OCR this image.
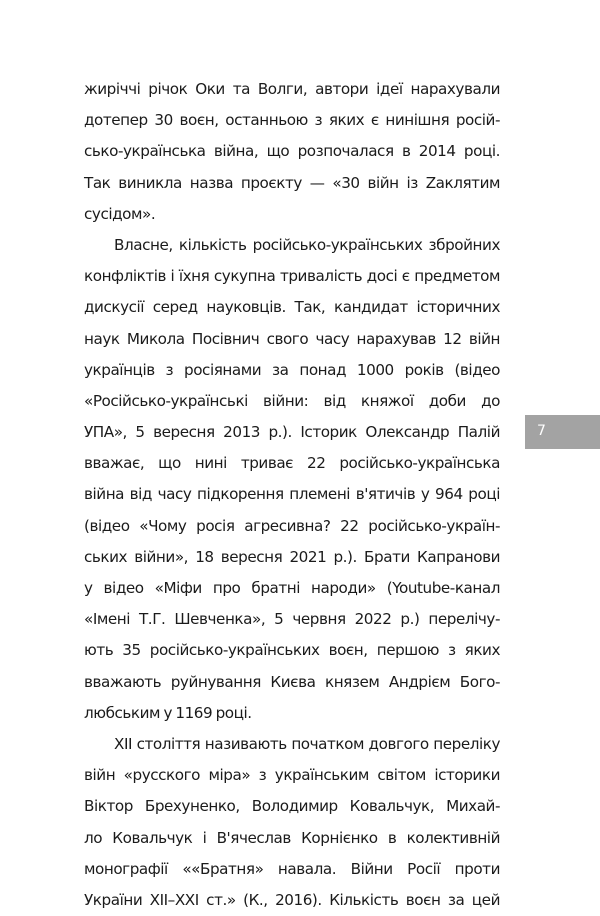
жиріччі річок Оки та Волги, автори ідеї нарахували
дотепер 30 воєн, останньою з яких є нинішня росій-
сько-українська війна, що розпочалася в 2014 році.
Так виникла назва проєкту — «30 війн із Zаклятим
сусідом».
Власне, кількість російсько-українських збройних
конфліктів і їхня сукупна тривалість досі є предметом
дискусії серед науковців. Так, кандидат історичних
наук Микола Посівнич свого часу нарахував 12 війн
українців з росіянами за понад 1000 років (відео
«Російсько-українські війни: від княжої доби до
УПА», 5 вересня 2013 р.). Історик Олександр Палій
вважає, що нині триває 22 російсько-українська
війна від часу підкорення племені в'ятичів у 964 році
(відео «Чому росія агресивна? 22 російсько-україн-
ських війни», 18 вересня 2021 р.). Брати Капранови
у відео «Міфи про братні народи» (Youtube-канал
«Імені Т.Г. Шевченка», 5 червня 2022 р.) перелічу-
ють 35 російсько-українських воєн, першою з яких
вважають руйнування Києва князем Андрієм Бого-
любським у 1169 році.
XII століття називають початком довгого переліку
війн «русского міра» з українським світом історики
Віктор Брехуненко, Володимир Ковальчук, Михай-
ло Ковальчук і В'ячеслав Корнієнко в колективній
монографії ««Братня» навала. Війни Росії проти
України XII–XXI ст.» (К., 2016). Кількість воєн за цей
7
